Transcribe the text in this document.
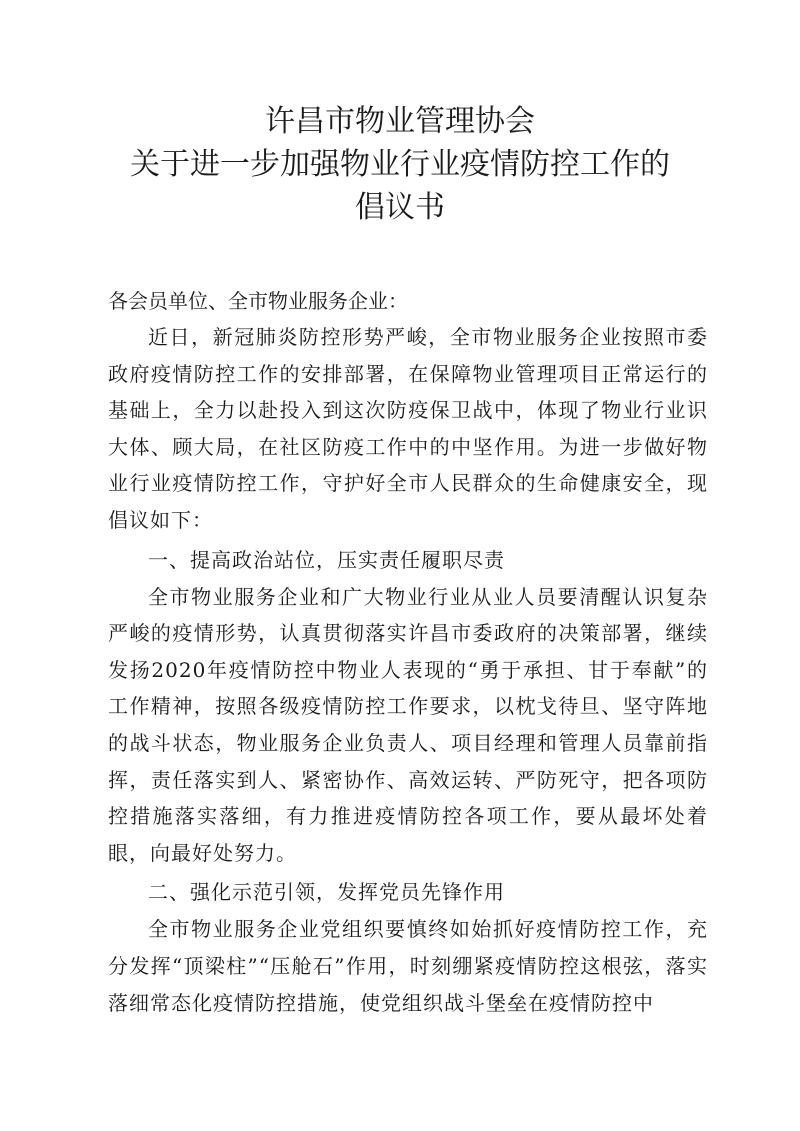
许昌市物业管理协会
关于进一步加强物业行业疫情防控工作的
倡议书
各会员单位、全市物业服务企业：

近日，新冠肺炎防控形势严峻，全市物业服务企业按照市委政府疫情防控工作的安排部署，在保障物业管理项目正常运行的基础上，全力以赴投入到这次防疫保卫战中，体现了物业行业识大体、顾大局，在社区防疫工作中的中坚作用。为进一步做好物业行业疫情防控工作，守护好全市人民群众的生命健康安全，现倡议如下：

一、提高政治站位，压实责任履职尽责

全市物业服务企业和广大物业行业从业人员要清醒认识复杂严峻的疫情形势，认真贯彻落实许昌市委政府的决策部署，继续发扬2020年疫情防控中物业人表现的“勇于承担、甘于奉献”的工作精神，按照各级疫情防控工作要求，以枕戈待旦、坚守阵地的战斗状态，物业服务企业负责人、项目经理和管理人员靠前指挥，责任落实到人、紧密协作、高效运转、严防死守，把各项防控措施落实落细，有力推进疫情防控各项工作，要从最坏处着眼，向最好处努力。

二、强化示范引领，发挥党员先锋作用

全市物业服务企业党组织要慎终如始抓好疫情防控工作，充分发挥“顶梁柱”“压舱石”作用，时刻绷紧疫情防控这根弦，落实落细常态化疫情防控措施，使党组织战斗堡垒在疫情防控中
